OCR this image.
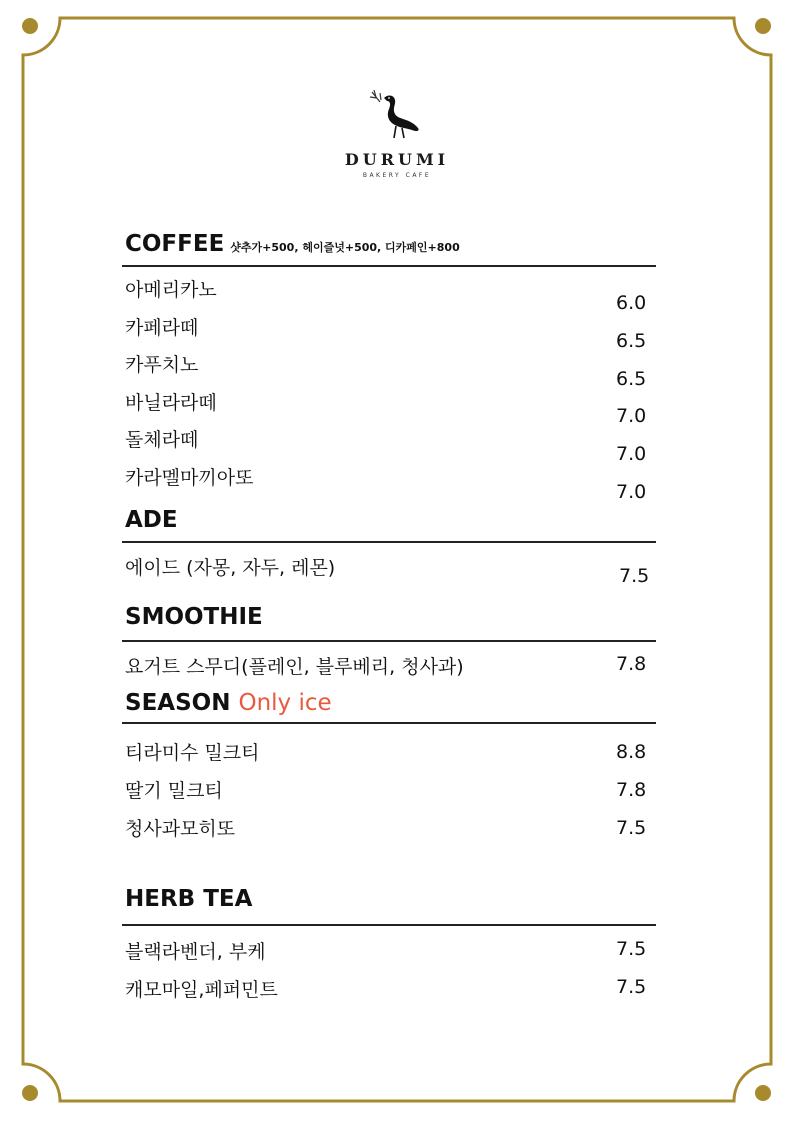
DURUMI
BAKERY CAFE
COFFEE 샷추가+500, 헤이즐넛+500, 디카페인+800
아메리카노
카페라떼
카푸치노
바닐라라떼
돌체라떼
카라멜마끼아또
6.0
6.5
6.5
7.0
7.0
7.0
ADE
에이드 (자몽, 자두, 레몬)	7.5
SMOOTHIE
요거트 스무디(플레인, 블루베리, 청사과)	7.8
SEASON Only ice
티라미수 밀크티
딸기 밀크티
청사과모히또
8.8
7.8
7.5
HERB TEA
블랙라벤더, 부케
캐모마일,페퍼민트
7.5
7.5
